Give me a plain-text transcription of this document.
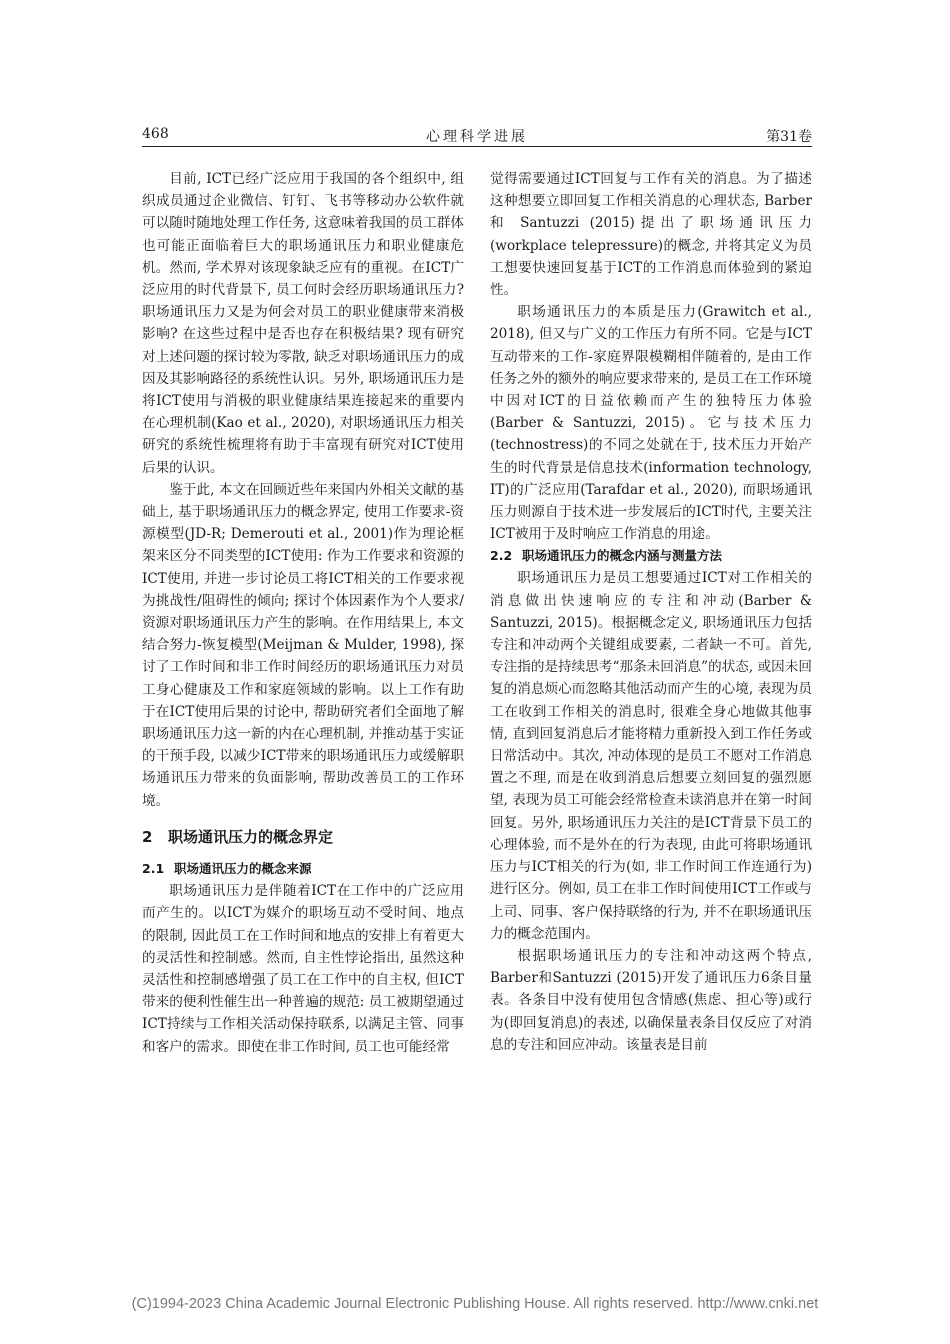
468	心理科学进展	第31卷

目前, ICT已经广泛应用于我国的各个组织中, 组织成员通过企业微信、钉钉、飞书等移动办公软件就可以随时随地处理工作任务, 这意味着我国的员工群体也可能正面临着巨大的职场通讯压力和职业健康危机。然而, 学术界对该现象缺乏应有的重视。在ICT广泛应用的时代背景下, 员工何时会经历职场通讯压力? 职场通讯压力又是为何会对员工的职业健康带来消极影响? 在这些过程中是否也存在积极结果? 现有研究对上述问题的探讨较为零散, 缺乏对职场通讯压力的成因及其影响路径的系统性认识。另外, 职场通讯压力是将ICT使用与消极的职业健康结果连接起来的重要内在心理机制(Kao et al., 2020), 对职场通讯压力相关研究的系统性梳理将有助于丰富现有研究对ICT使用后果的认识。

鉴于此, 本文在回顾近些年来国内外相关文献的基础上, 基于职场通讯压力的概念界定, 使用工作要求-资源模型(JD-R; Demerouti et al., 2001)作为理论框架来区分不同类型的ICT使用: 作为工作要求和资源的ICT使用, 并进一步讨论员工将ICT相关的工作要求视为挑战性/阻碍性的倾向; 探讨个体因素作为个人要求/资源对职场通讯压力产生的影响。在作用结果上, 本文结合努力-恢复模型(Meijman & Mulder, 1998), 探讨了工作时间和非工作时间经历的职场通讯压力对员工身心健康及工作和家庭领域的影响。以上工作有助于在ICT使用后果的讨论中, 帮助研究者们全面地了解职场通讯压力这一新的内在心理机制, 并推动基于实证的干预手段, 以减少ICT带来的职场通讯压力或缓解职场通讯压力带来的负面影响, 帮助改善员工的工作环境。

2 职场通讯压力的概念界定
2.1 职场通讯压力的概念来源

职场通讯压力是伴随着ICT在工作中的广泛应用而产生的。以ICT为媒介的职场互动不受时间、地点的限制, 因此员工在工作时间和地点的安排上有着更大的灵活性和控制感。然而, 自主性悖论指出, 虽然这种灵活性和控制感增强了员工在工作中的自主权, 但ICT带来的便利性催生出一种普遍的规范: 员工被期望通过ICT持续与工作相关活动保持联系, 以满足主管、同事和客户的需求。即使在非工作时间, 员工也可能经常

觉得需要通过ICT回复与工作有关的消息。为了描述这种想要立即回复工作相关消息的心理状态, Barber 和 Santuzzi (2015)提出了职场通讯压力(workplace telepressure)的概念, 并将其定义为员工想要快速回复基于ICT的工作消息而体验到的紧迫性。

职场通讯压力的本质是压力(Grawitch et al., 2018), 但又与广义的工作压力有所不同。它是与ICT互动带来的工作-家庭界限模糊相伴随着的, 是由工作任务之外的额外的响应要求带来的, 是员工在工作环境中因对ICT的日益依赖而产生的独特压力体验(Barber & Santuzzi, 2015)。它与技术压力(technostress)的不同之处就在于, 技术压力开始产生的时代背景是信息技术(information technology, IT)的广泛应用(Tarafdar et al., 2020), 而职场通讯压力则源自于技术进一步发展后的ICT时代, 主要关注ICT被用于及时响应工作消息的用途。

2.2 职场通讯压力的概念内涵与测量方法

职场通讯压力是员工想要通过ICT对工作相关的消息做出快速响应的专注和冲动(Barber & Santuzzi, 2015)。根据概念定义, 职场通讯压力包括专注和冲动两个关键组成要素, 二者缺一不可。首先, 专注指的是持续思考“那条未回消息”的状态, 或因未回复的消息烦心而忽略其他活动而产生的心境, 表现为员工在收到工作相关的消息时, 很难全身心地做其他事情, 直到回复消息后才能将精力重新投入到工作任务或日常活动中。其次, 冲动体现的是员工不愿对工作消息置之不理, 而是在收到消息后想要立刻回复的强烈愿望, 表现为员工可能会经常检查未读消息并在第一时间回复。另外, 职场通讯压力关注的是ICT背景下员工的心理体验, 而不是外在的行为表现, 由此可将职场通讯压力与ICT相关的行为(如, 非工作时间工作连通行为)进行区分。例如, 员工在非工作时间使用ICT工作或与上司、同事、客户保持联络的行为, 并不在职场通讯压力的概念范围内。

根据职场通讯压力的专注和冲动这两个特点, Barber和Santuzzi (2015)开发了通讯压力6条目量表。各条目中没有使用包含情感(焦虑、担心等)或行为(即回复消息)的表述, 以确保量表条目仅反应了对消息的专注和回应冲动。该量表是目前

(C)1994-2023 China Academic Journal Electronic Publishing House. All rights reserved. http://www.cnki.net
